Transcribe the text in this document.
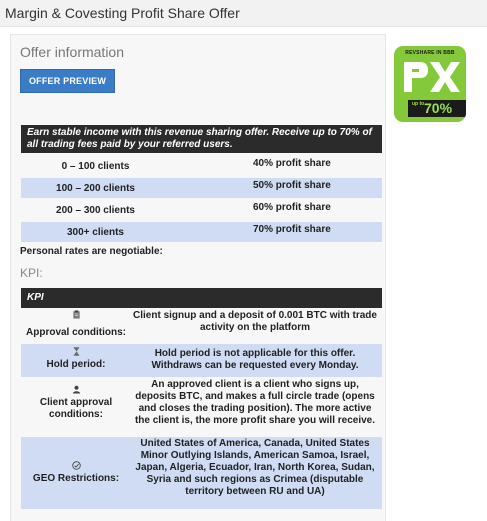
Margin & Covesting Profit Share Offer
Offer information
OFFER PREVIEW
Earn stable income with this revenue sharing offer. Receive up to 70% of all trading fees paid by your referred users.
0 – 100 clients	40% profit share
100 – 200 clients	50% profit share
200 – 300 clients	60% profit share
300+ clients	70% profit share
Personal rates are negotiable:
KPI:
KPI
Approval conditions:
Client signup and a deposit of 0.001 BTC with trade activity on the platform
Hold period:
Hold period is not applicable for this offer. Withdraws can be requested every Monday.
Client approval conditions:
An approved client is a client who signs up, deposits BTC, and makes a full circle trade (opens and closes the trading position). The more active the client is, the more profit share you will receive.
GEO Restrictions:
United States of America, Canada, United States Minor Outlying Islands, American Samoa, Israel, Japan, Algeria, Ecuador, Iran, North Korea, Sudan, Syria and such regions as Crimea (disputable territory between RU and UA)
REVSHARE IN BBB
up to 70%
